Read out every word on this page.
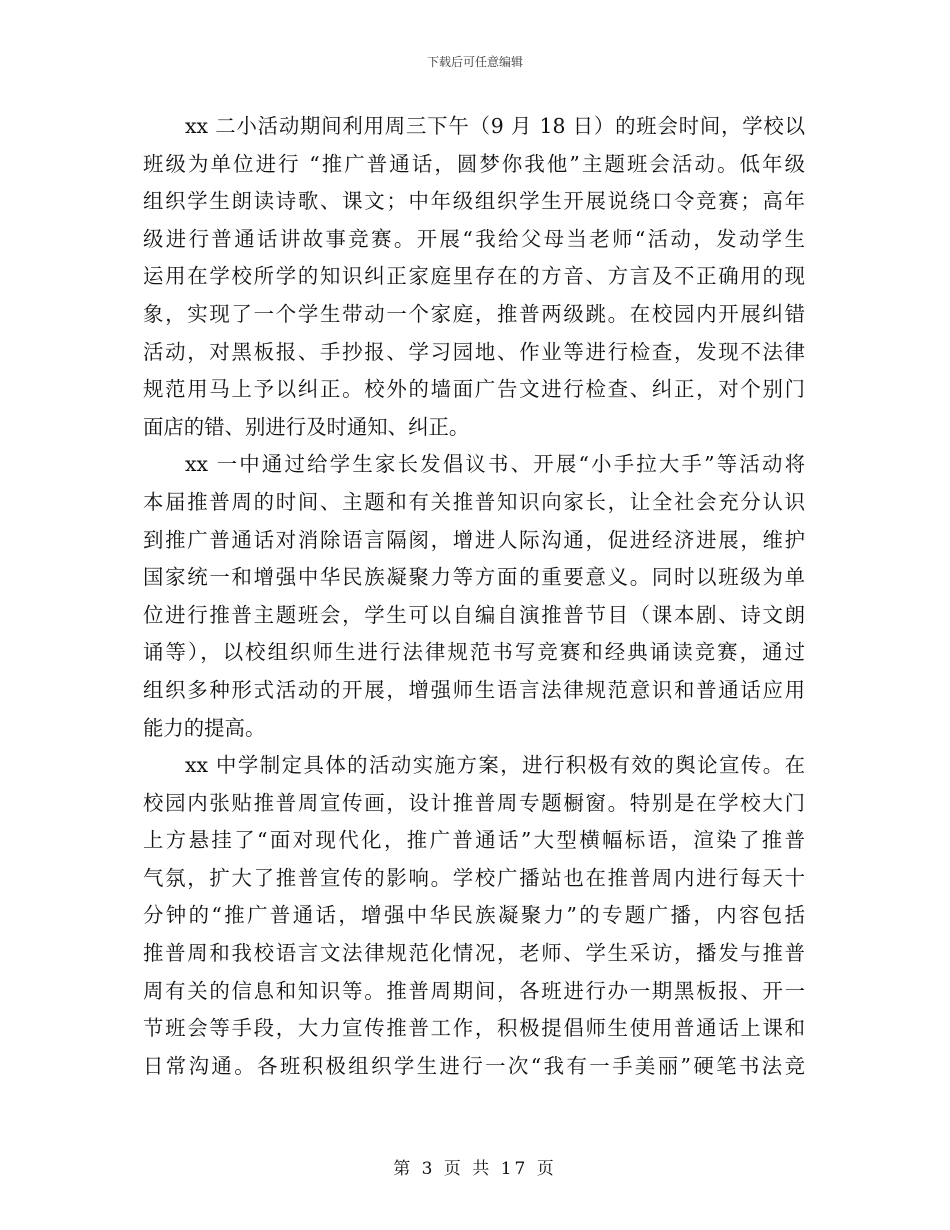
下载后可任意编辑
xx 二小活动期间利用周三下午（9 月 18 日）的班会时间，学校以
班级为单位进行 “推广普通话，圆梦你我他”主题班会活动。低年级
组织学生朗读诗歌、课文；中年级组织学生开展说绕口令竞赛；高年
级进行普通话讲故事竞赛。开展“我给父母当老师“活动，发动学生
运用在学校所学的知识纠正家庭里存在的方音、方言及不正确用的现
象，实现了一个学生带动一个家庭，推普两级跳。在校园内开展纠错
活动，对黑板报、手抄报、学习园地、作业等进行检查，发现不法律
规范用马上予以纠正。校外的墙面广告文进行检查、纠正，对个别门
面店的错、别进行及时通知、纠正。
xx 一中通过给学生家长发倡议书、开展“小手拉大手”等活动将
本届推普周的时间、主题和有关推普知识向家长，让全社会充分认识
到推广普通话对消除语言隔阂，增进人际沟通，促进经济进展，维护
国家统一和增强中华民族凝聚力等方面的重要意义。同时以班级为单
位进行推普主题班会，学生可以自编自演推普节目（课本剧、诗文朗
诵等），以校组织师生进行法律规范书写竞赛和经典诵读竞赛，通过
组织多种形式活动的开展，增强师生语言法律规范意识和普通话应用
能力的提高。
xx 中学制定具体的活动实施方案，进行积极有效的舆论宣传。在
校园内张贴推普周宣传画，设计推普周专题橱窗。特别是在学校大门
上方悬挂了“面对现代化，推广普通话”大型横幅标语，渲染了推普
气氛，扩大了推普宣传的影响。学校广播站也在推普周内进行每天十
分钟的“推广普通话，增强中华民族凝聚力”的专题广播，内容包括
推普周和我校语言文法律规范化情况，老师、学生采访，播发与推普
周有关的信息和知识等。推普周期间，各班进行办一期黑板报、开一
节班会等手段，大力宣传推普工作，积极提倡师生使用普通话上课和
日常沟通。各班积极组织学生进行一次“我有一手美丽”硬笔书法竞
第 3 页 共 17 页
